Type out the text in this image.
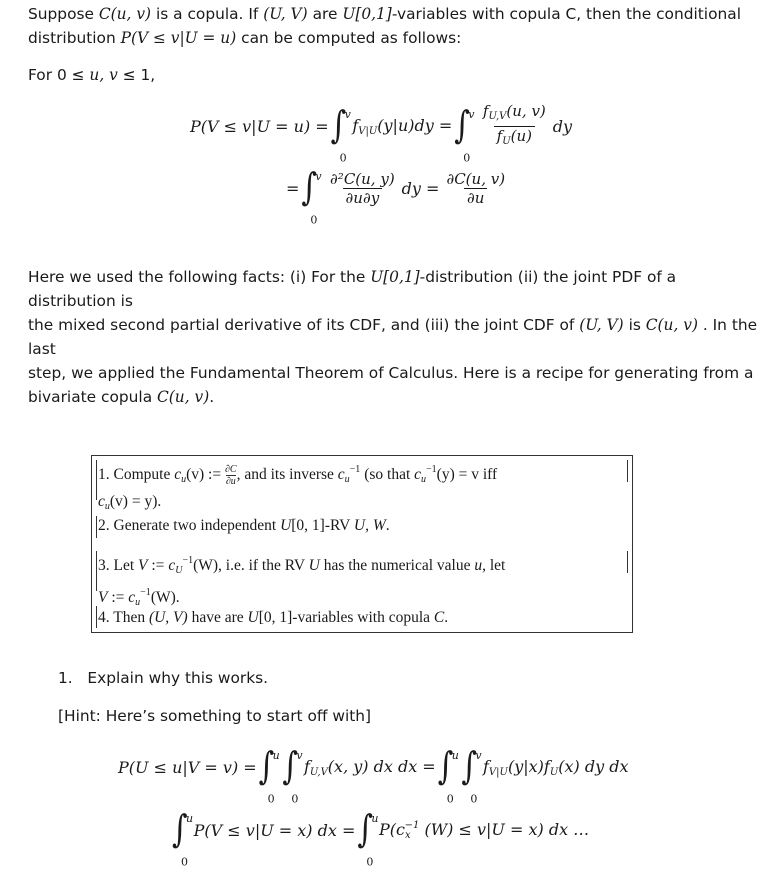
Suppose C(u, v) is a copula. If (U, V) are U[0,1]-variables with copula C, then the conditional
distribution P(V ≤ v|U = u) can be computed as follows:
For 0 ≤ u, v ≤ 1,
P(V ≤ v|U = u) = ∫
v
0
$f_{V|U}(y|u)dy$ = ∫
v
0
$\frac{f_{U,V}(u, v)}{f_U(u)}$ dy
= ∫
v
0
$\frac{\text{∂²C(u, y)}}{\partial u\partial y}$ dy = $\frac{\partial C(u, v)}{\partial u}$
Here we used the following facts: (i) For the U[0,1]-distribution (ii) the joint PDF of a distribution is
the mixed second partial derivative of its CDF, and (iii) the joint CDF of (U, V) is C(u, v) . In the last
step, we applied the Fundamental Theorem of Calculus. Here is a recipe for generating from a
bivariate copula C(u, v).
1. Compute $c_u(v)$ := $\frac{\partial C}{\partial u}$ , and its inverse $c_u^{-1}$ (so that $c_u^{-1}(y) = v$ iff
$c_u(v) = y$).
2. Generate two independent U[0, 1]-RV U, W.
3. Let V := $c_U^{-1}(W)$, i.e. if the RV U has the numerical value u, let
V := $c_u^{-1}(W)$.
4. Then (U, V) have are U[0, 1]-variables with copula C.
1. Explain why this works.
[Hint: Here’s something to start off with]
P(U ≤ u|V = v) = ∫
u
0
∫
v
0
$f_{U,V}(x$, y) dx dx = ∫
u
0
∫
v
0
$f_{V|U}(y|x)f_U(x)$ dy dx
∫
u
0
P(V ≤ v|U = x) dx = ∫
u
0
$P(c_x^{-1}$ (W) ≤ v|U = x) dx …
